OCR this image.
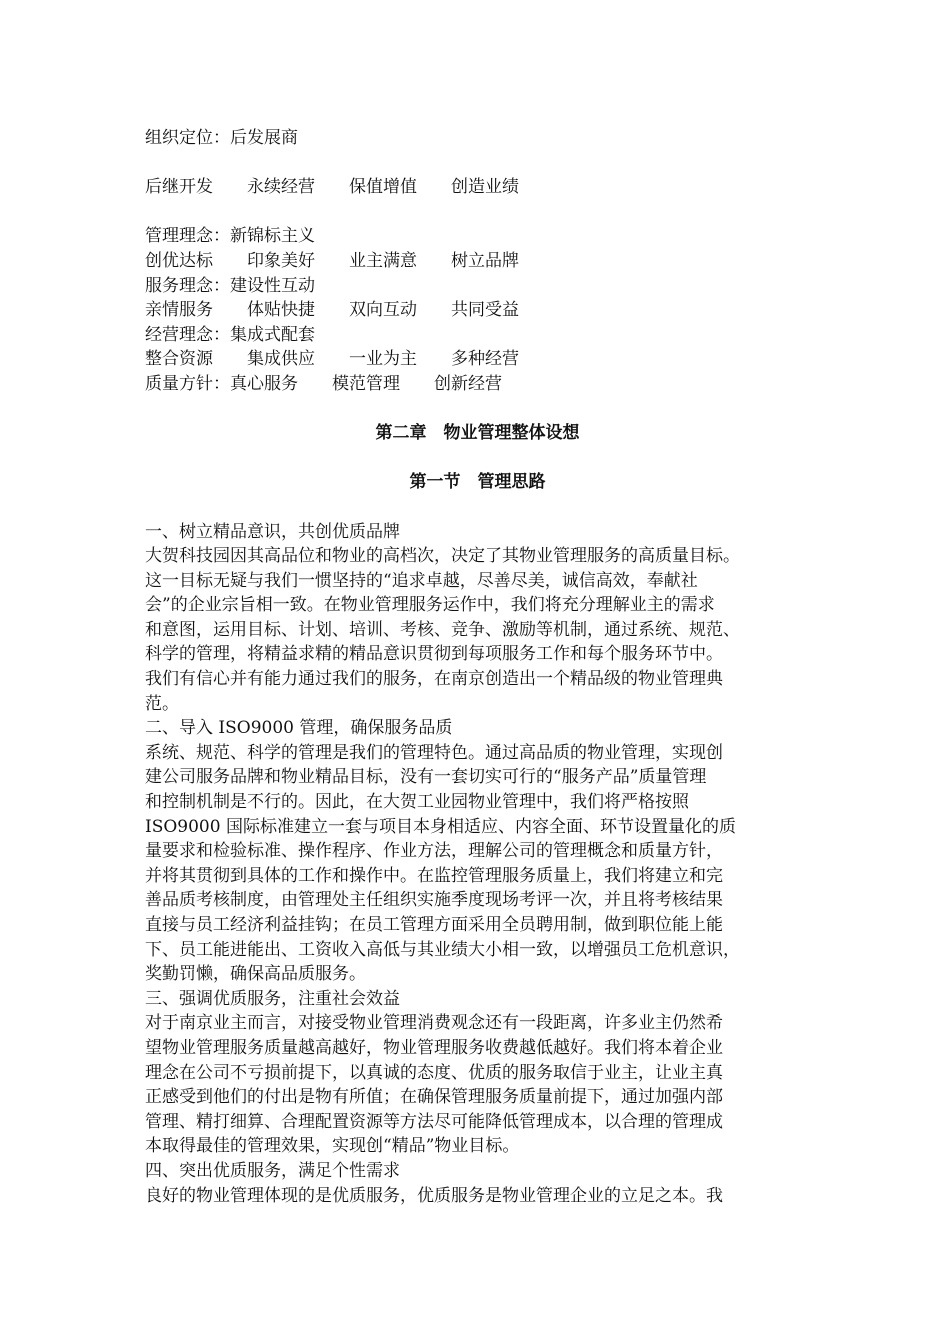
组织定位：后发展商
后继开发　　永续经营　　保值增值　　创造业绩
管理理念：新锦标主义
创优达标　　印象美好　　业主满意　　树立品牌
服务理念：建设性互动
亲情服务　　体贴快捷　　双向互动　　共同受益
经营理念：集成式配套
整合资源　　集成供应　　一业为主　　多种经营
质量方针：真心服务　　模范管理　　创新经营
第二章　物业管理整体设想
第一节　管理思路
一、树立精品意识，共创优质品牌
大贺科技园因其高品位和物业的高档次，决定了其物业管理服务的高质量目标。
这一目标无疑与我们一惯坚持的“追求卓越，尽善尽美，诚信高效，奉献社
会”的企业宗旨相一致。在物业管理服务运作中，我们将充分理解业主的需求
和意图，运用目标、计划、培训、考核、竞争、激励等机制，通过系统、规范、
科学的管理，将精益求精的精品意识贯彻到每项服务工作和每个服务环节中。
我们有信心并有能力通过我们的服务，在南京创造出一个精品级的物业管理典
范。
二、导入 ISO9000 管理，确保服务品质
系统、规范、科学的管理是我们的管理特色。通过高品质的物业管理，实现创
建公司服务品牌和物业精品目标，没有一套切实可行的“服务产品”质量管理
和控制机制是不行的。因此，在大贺工业园物业管理中，我们将严格按照
ISO9000 国际标准建立一套与项目本身相适应、内容全面、环节设置量化的质
量要求和检验标准、操作程序、作业方法，理解公司的管理概念和质量方针，
并将其贯彻到具体的工作和操作中。在监控管理服务质量上，我们将建立和完
善品质考核制度，由管理处主任组织实施季度现场考评一次，并且将考核结果
直接与员工经济利益挂钩；在员工管理方面采用全员聘用制，做到职位能上能
下、员工能进能出、工资收入高低与其业绩大小相一致，以增强员工危机意识，
奖勤罚懒，确保高品质服务。
三、强调优质服务，注重社会效益
对于南京业主而言，对接受物业管理消费观念还有一段距离，许多业主仍然希
望物业管理服务质量越高越好，物业管理服务收费越低越好。我们将本着企业
理念在公司不亏损前提下，以真诚的态度、优质的服务取信于业主，让业主真
正感受到他们的付出是物有所值；在确保管理服务质量前提下，通过加强内部
管理、精打细算、合理配置资源等方法尽可能降低管理成本，以合理的管理成
本取得最佳的管理效果，实现创“精品”物业目标。
四、突出优质服务，满足个性需求
良好的物业管理体现的是优质服务，优质服务是物业管理企业的立足之本。我
